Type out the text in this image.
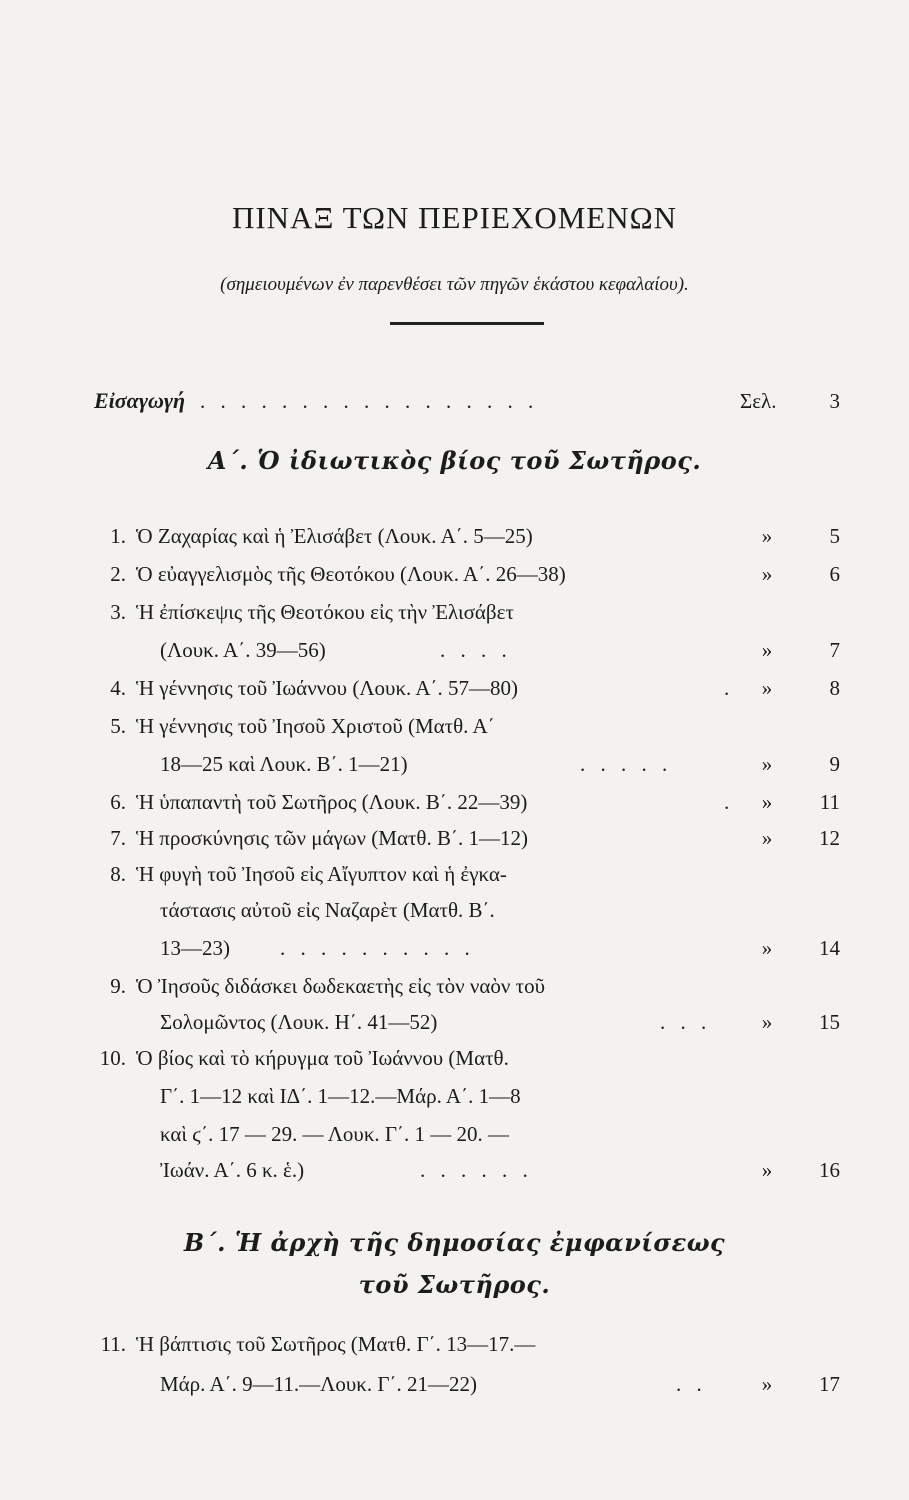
ΠΙΝΑΞ ΤΩΝ ΠΕΡΙΕΧΟΜΕΝΩΝ
(σημειουμένων ἐν παρενθέσει τῶν πηγῶν ἑκάστου κεφαλαίου).
Εἰσαγωγή . . . . . . . . . . . . . . . . .	Σελ.	3
Α΄. Ὁ ἰδιωτικὸς βίος τοῦ Σωτῆρος.
1. Ὁ Ζαχαρίας καὶ ἡ Ἐλισάβετ (Λουκ. Α΄. 5—25)	»	5
2. Ὁ εὐαγγελισμὸς τῆς Θεοτόκου (Λουκ. Α΄. 26—38)	»	6
3. Ἡ ἐπίσκεψις τῆς Θεοτόκου εἰς τὴν Ἐλισάβετ
(Λουκ. Α΄. 39—56)	. . . .	»	7
4. Ἡ γέννησις τοῦ Ἰωάννου (Λουκ. Α΄. 57—80)	.	»	8
5. Ἡ γέννησις τοῦ Ἰησοῦ Χριστοῦ (Ματθ. Α΄
18—25 καὶ Λουκ. Β΄. 1—21)	. . . . .	»	9
6. Ἡ ὑπαπαντὴ τοῦ Σωτῆρος (Λουκ. Β΄. 22—39)	.	»	11
7. Ἡ προσκύνησις τῶν μάγων (Ματθ. Β΄. 1—12)	»	12
8. Ἡ φυγὴ τοῦ Ἰησοῦ εἰς Αἴγυπτον καὶ ἡ ἐγκα-
τάστασις αὐτοῦ εἰς Ναζαρὲτ (Ματθ. Β΄.
13—23) . . . . . . . . . .	»	14
9. Ὁ Ἰησοῦς διδάσκει δωδεκαετὴς εἰς τὸν ναὸν τοῦ
Σολομῶντος (Λουκ. Η΄. 41—52)	. . .	»	15
10. Ὁ βίος καὶ τὸ κήρυγμα τοῦ Ἰωάννου (Ματθ.
Γ΄. 1—12 καὶ ΙΔ΄. 1—12.—Μάρ. Α΄. 1—8
καὶ ϛ΄. 17 — 29. — Λουκ. Γ΄. 1 — 20. —
Ἰωάν. Α΄. 6 κ. ἑ.)	. . . . . .	»	16
Β΄. Ἡ ἀρχὴ τῆς δημοσίας ἐμφανίσεως
τοῦ Σωτῆρος.
11. Ἡ βάπτισις τοῦ Σωτῆρος (Ματθ. Γ΄. 13—17.—
Μάρ. Α΄. 9—11.—Λουκ. Γ΄. 21—22)	. .	»	17
